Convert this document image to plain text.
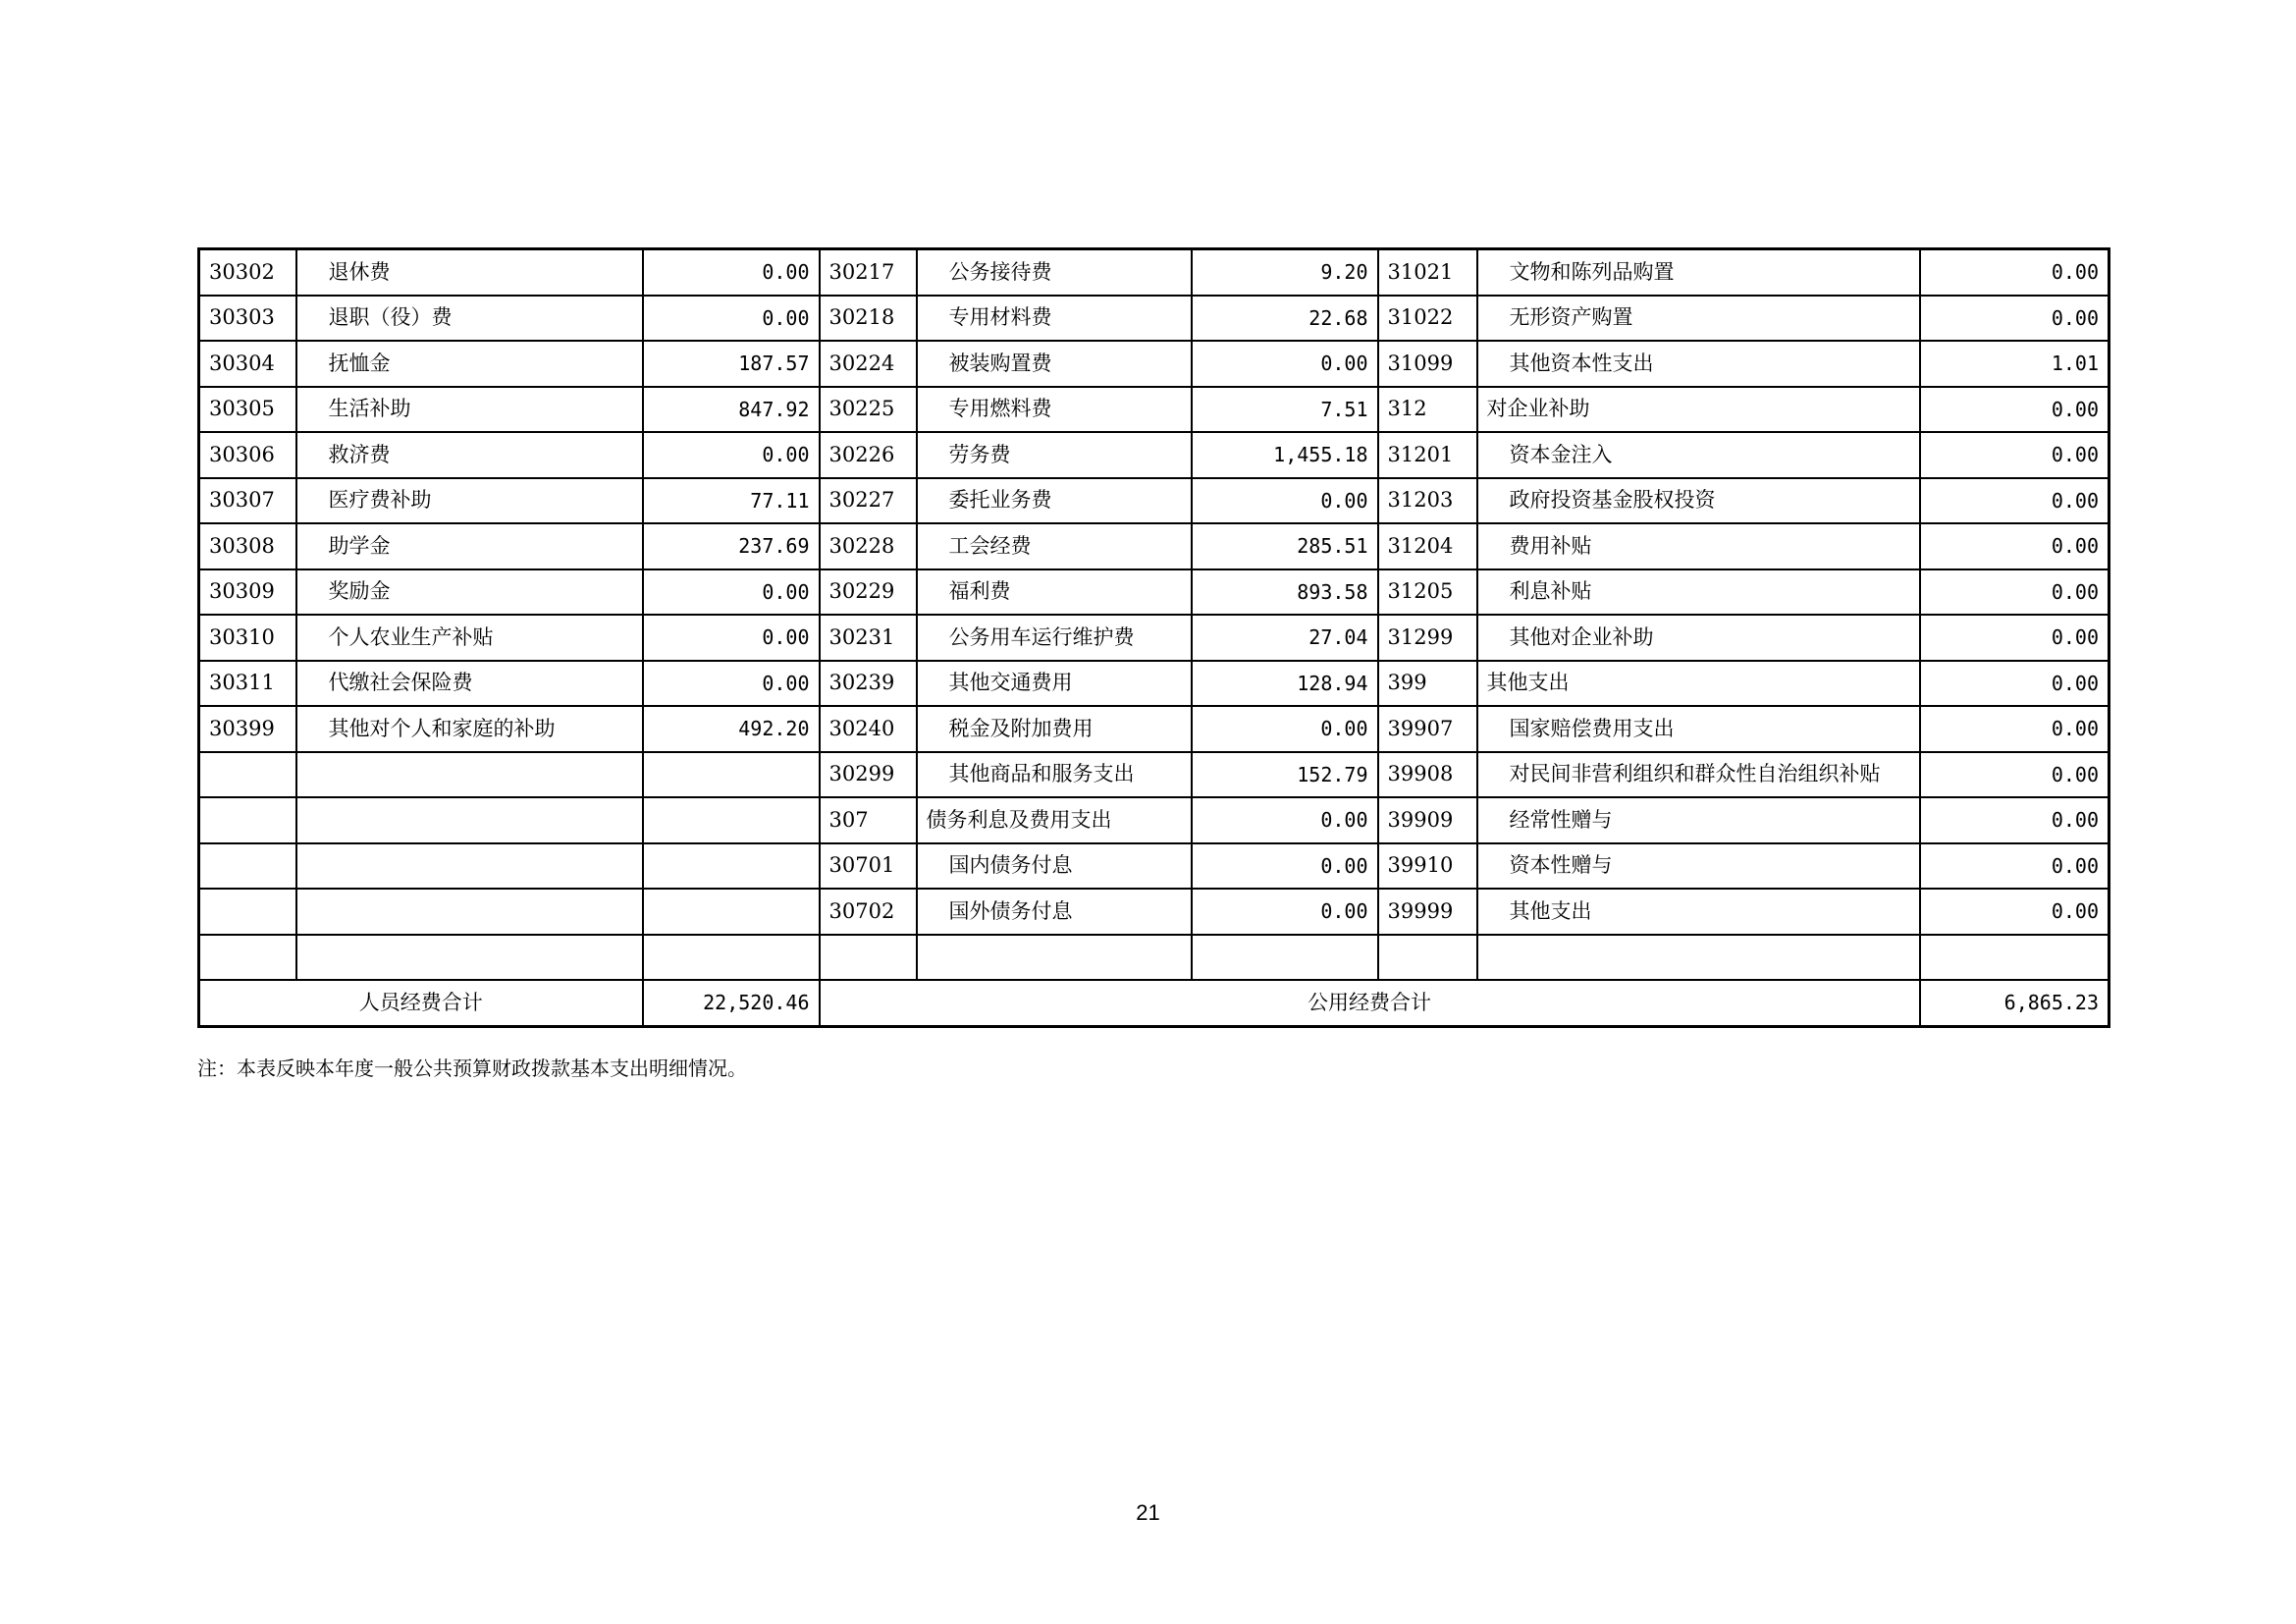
30302	退休费	0.00	30217	公务接待费	9.20	31021	文物和陈列品购置	0.00
30303	退职（役）费	0.00	30218	专用材料费	22.68	31022	无形资产购置	0.00
30304	抚恤金	187.57	30224	被装购置费	0.00	31099	其他资本性支出	1.01
30305	生活补助	847.92	30225	专用燃料费	7.51	312	对企业补助	0.00
30306	救济费	0.00	30226	劳务费	1,455.18	31201	资本金注入	0.00
30307	医疗费补助	77.11	30227	委托业务费	0.00	31203	政府投资基金股权投资	0.00
30308	助学金	237.69	30228	工会经费	285.51	31204	费用补贴	0.00
30309	奖励金	0.00	30229	福利费	893.58	31205	利息补贴	0.00
30310	个人农业生产补贴	0.00	30231	公务用车运行维护费	27.04	31299	其他对企业补助	0.00
30311	代缴社会保险费	0.00	30239	其他交通费用	128.94	399	其他支出	0.00
30399	其他对个人和家庭的补助	492.20	30240	税金及附加费用	0.00	39907	国家赔偿费用支出	0.00
			30299	其他商品和服务支出	152.79	39908	对民间非营利组织和群众性自治组织补贴	0.00
			307	债务利息及费用支出	0.00	39909	经常性赠与	0.00
			30701	国内债务付息	0.00	39910	资本性赠与	0.00
			30702	国外债务付息	0.00	39999	其他支出	0.00

人员经费合计		22,520.46	公用经费合计					6,865.23
注：本表反映本年度一般公共预算财政拨款基本支出明细情况。
21
